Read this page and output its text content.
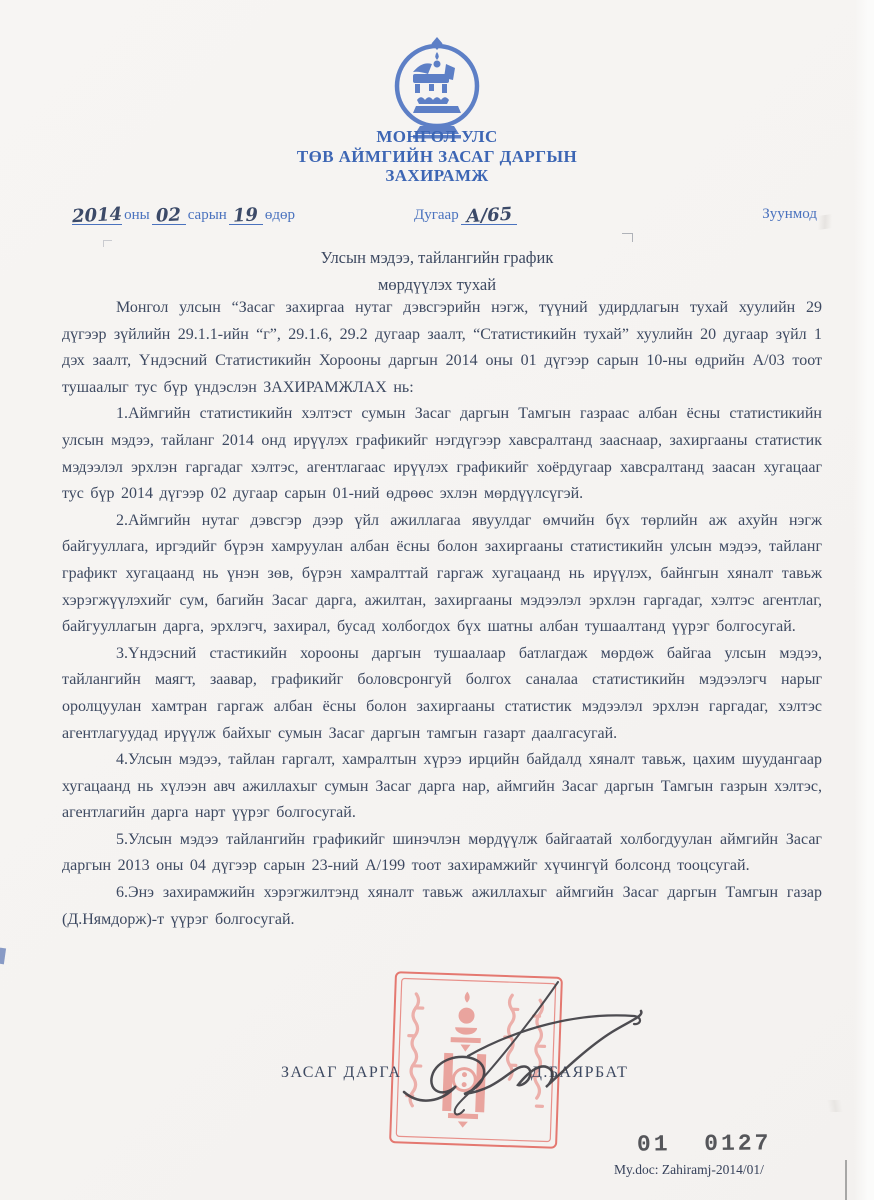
МОНГОЛ УЛС
ТӨВ АЙМГИЙН ЗАСАГ ДАРГЫН
ЗАХИРАМЖ
2014оны 02 сарын 19 өдөр	Дугаар А/65	Зуунмод
Улсын мэдээ, тайлангийн график
мөрдүүлэх тухай

Монгол улсын “Засаг захиргаа нутаг дэвсгэрийн нэгж, түүний удирдлагын тухай хуулийн 29 дүгээр зүйлийн 29.1.1-ийн “г”, 29.1.6, 29.2 дугаар заалт, “Статистикийн тухай” хуулийн 20 дугаар зүйл 1 дэх заалт, Үндэсний Статистикийн Хорооны даргын 2014 оны 01 дүгээр сарын 10-ны өдрийн А/03 тоот тушаалыг тус бүр үндэслэн ЗАХИРАМЖЛАХ нь:

1.Аймгийн статистикийн хэлтэст сумын Засаг даргын Тамгын газраас албан ёсны статистикийн улсын мэдээ, тайланг 2014 онд ирүүлэх графикийг нэгдүгээр хавсралтанд зааснаар, захиргааны статистик мэдээлэл эрхлэн гаргадаг хэлтэс, агентлагаас ирүүлэх графикийг хоёрдугаар хавсралтанд заасан хугацааг тус бүр 2014 дүгээр 02 дугаар сарын 01-ний өдрөөс эхлэн мөрдүүлсүгэй.

2.Аймгийн нутаг дэвсгэр дээр үйл ажиллагаа явуулдаг өмчийн бүх төрлийн аж ахуйн нэгж байгууллага, иргэдийг бүрэн хамруулан албан ёсны болон захиргааны статистикийн улсын мэдээ, тайланг графикт хугацаанд нь үнэн зөв, бүрэн хамралттай гаргаж хугацаанд нь ирүүлэх, байнгын хяналт тавьж хэрэгжүүлэхийг сум, багийн Засаг дарга, ажилтан, захиргааны мэдээлэл эрхлэн гаргадаг, хэлтэс агентлаг, байгууллагын дарга, эрхлэгч, захирал, бусад холбогдох бүх шатны албан тушаалтанд үүрэг болгосугай.

3.Үндэсний стастикийн хорооны даргын тушаалаар батлагдаж мөрдөж байгаа улсын мэдээ, тайлангийн маягт, заавар, графикийг боловсронгуй болгох саналаа статистикийн мэдээлэгч нарыг оролцуулан хамтран гаргаж албан ёсны болон захиргааны статистик мэдээлэл эрхлэн гаргадаг, хэлтэс агентлагуудад ирүүлж байхыг сумын Засаг даргын тамгын газарт даалгасугай.

4.Улсын мэдээ, тайлан гаргалт, хамралтын хүрээ ирцийн байдалд хяналт тавьж, цахим шуудангаар хугацаанд нь хүлээн авч ажиллахыг сумын Засаг дарга нар, аймгийн Засаг даргын Тамгын газрын хэлтэс, агентлагийн дарга нарт үүрэг болгосугай.

5.Улсын мэдээ тайлангийн графикийг шинэчлэн мөрдүүлж байгаатай холбогдуулан аймгийн Засаг даргын 2013 оны 04 дүгээр сарын 23-ний А/199 тоот захирамжийг хүчингүй болсонд тооцсугай.

6.Энэ захирамжийн хэрэгжилтэнд хяналт тавьж ажиллахыг аймгийн Засаг даргын Тамгын газар (Д.Нямдорж)-т үүрэг болгосугай.

ЗАСАГ ДАРГА	Д.БАЯРБАТ
01  0127
My.doc: Zahiramj-2014/01/
